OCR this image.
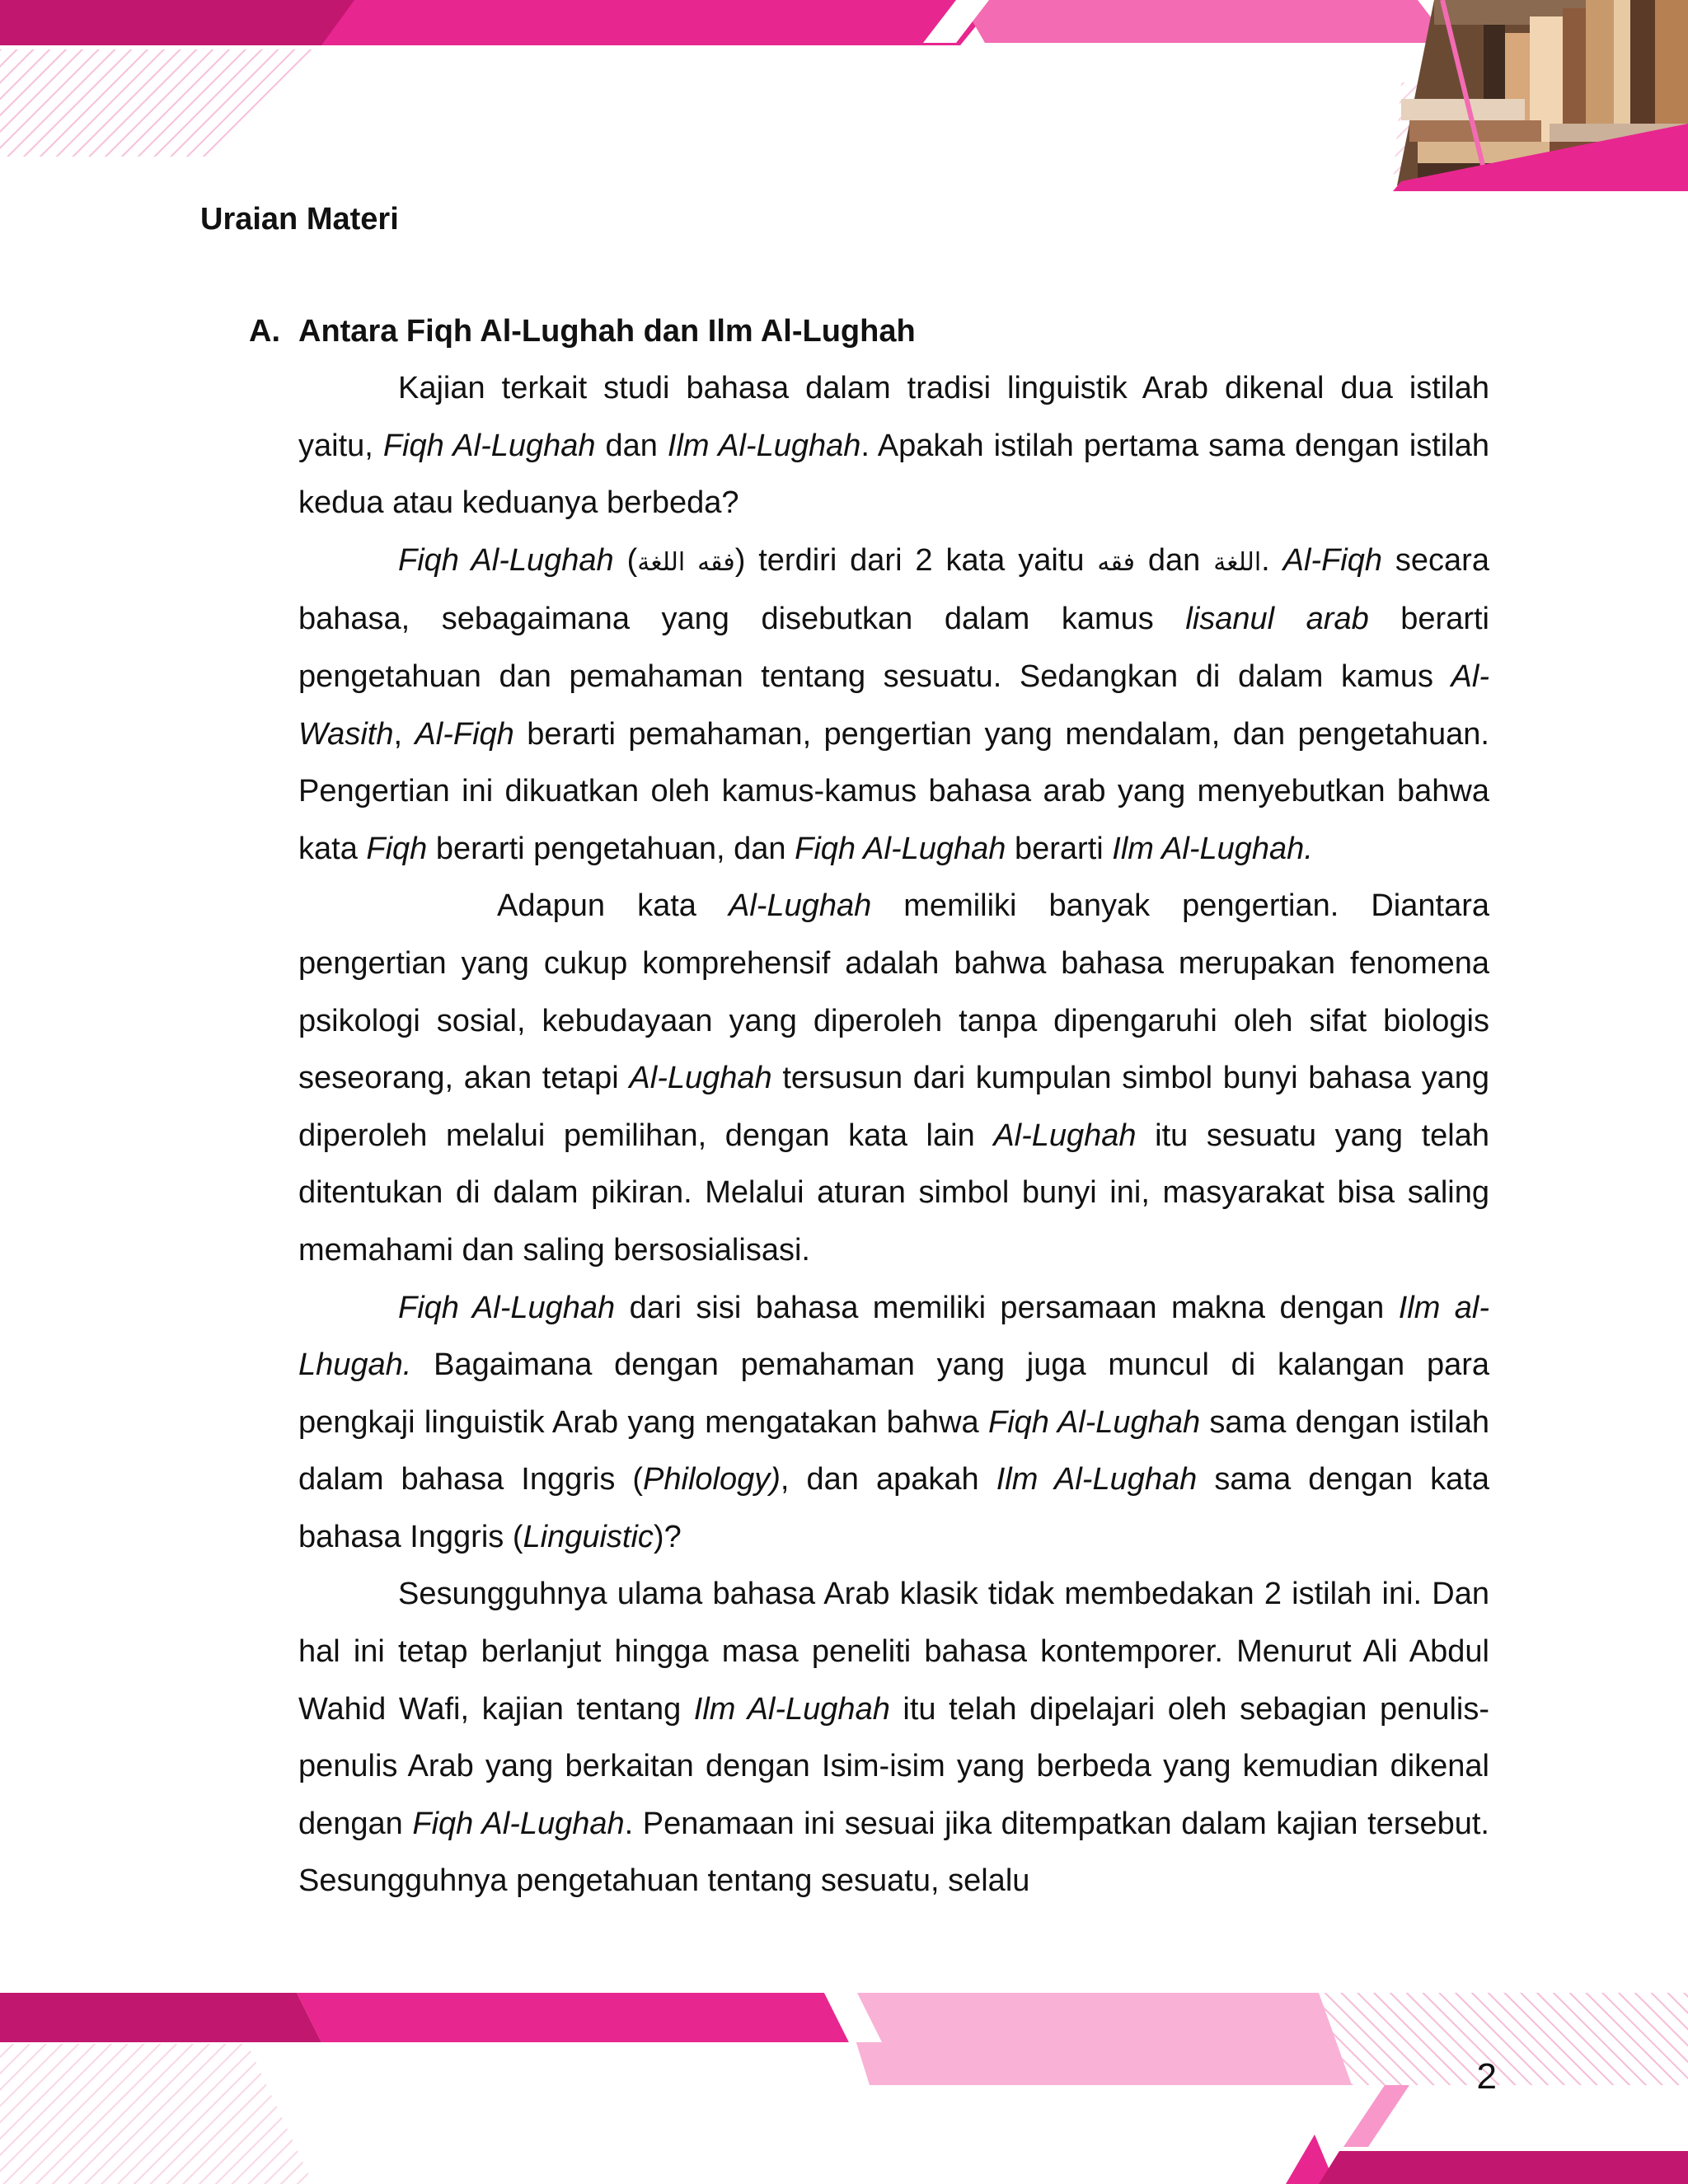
Uraian Materi
A. Antara Fiqh Al-Lughah dan Ilm Al-Lughah

Kajian terkait studi bahasa dalam tradisi linguistik Arab dikenal dua istilah yaitu, Fiqh Al-Lughah dan Ilm Al-Lughah. Apakah istilah pertama sama dengan istilah kedua atau keduanya berbeda?

Fiqh Al-Lughah (فقه اللغة) terdiri dari 2 kata yaitu فقه dan اللغة. Al-Fiqh secara bahasa, sebagaimana yang disebutkan dalam kamus lisanul arab berarti pengetahuan dan pemahaman tentang sesuatu. Sedangkan di dalam kamus Al-Wasith, Al-Fiqh berarti pemahaman, pengertian yang mendalam, dan pengetahuan. Pengertian ini dikuatkan oleh kamus-kamus bahasa arab yang menyebutkan bahwa kata Fiqh berarti pengetahuan, dan Fiqh Al-Lughah berarti Ilm Al-Lughah.

Adapun kata Al-Lughah memiliki banyak pengertian. Diantara pengertian yang cukup komprehensif adalah bahwa bahasa merupakan fenomena psikologi sosial, kebudayaan yang diperoleh tanpa dipengaruhi oleh sifat biologis seseorang, akan tetapi Al-Lughah tersusun dari kumpulan simbol bunyi bahasa yang diperoleh melalui pemilihan, dengan kata lain Al-Lughah itu sesuatu yang telah ditentukan di dalam pikiran. Melalui aturan simbol bunyi ini, masyarakat bisa saling memahami dan saling bersosialisasi.

Fiqh Al-Lughah dari sisi bahasa memiliki persamaan makna dengan Ilm al-Lhugah. Bagaimana dengan pemahaman yang juga muncul di kalangan para pengkaji linguistik Arab yang mengatakan bahwa Fiqh Al-Lughah sama dengan istilah dalam bahasa Inggris (Philology), dan apakah Ilm Al-Lughah sama dengan kata bahasa Inggris (Linguistic)?

Sesungguhnya ulama bahasa Arab klasik tidak membedakan 2 istilah ini. Dan hal ini tetap berlanjut hingga masa peneliti bahasa kontemporer. Menurut Ali Abdul Wahid Wafi, kajian tentang Ilm Al-Lughah itu telah dipelajari oleh sebagian penulis-penulis Arab yang berkaitan dengan Isim-isim yang berbeda yang kemudian dikenal dengan Fiqh Al-Lughah. Penamaan ini sesuai jika ditempatkan dalam kajian tersebut. Sesungguhnya pengetahuan tentang sesuatu, selalu

2
